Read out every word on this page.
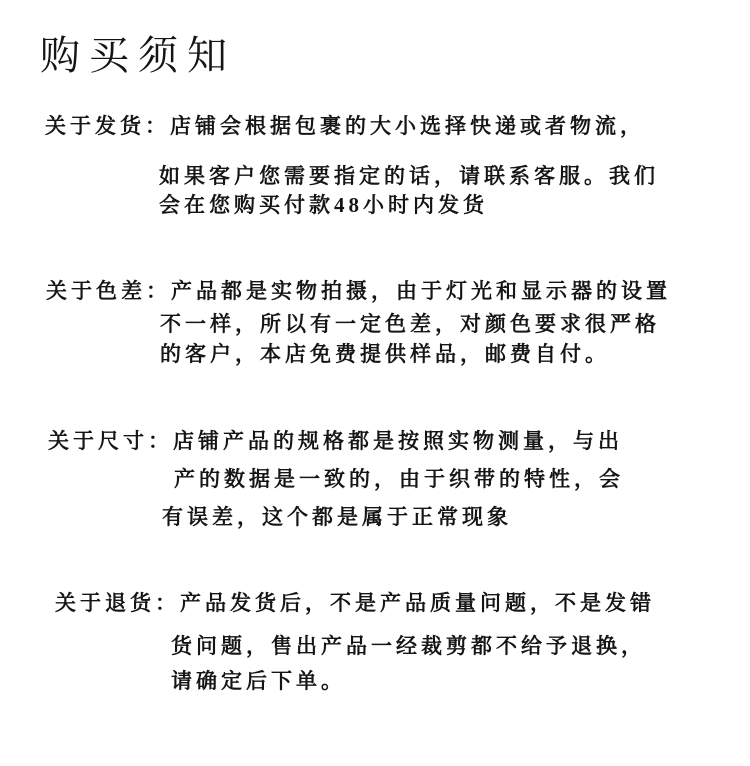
购买须知
关于发货： 店铺会根据包裹的大小选择快递或者物流，
如果客户您需要指定的话，请联系客服。我们
会在您购买付款48小时内发货
关于色差： 产品都是实物拍摄，由于灯光和显示器的设置
不一样，所以有一定色差，对颜色要求很严格
的客户，本店免费提供样品，邮费自付。
关于尺寸： 店铺产品的规格都是按照实物测量，与出
产的数据是一致的，由于织带的特性，会
有误差，这个都是属于正常现象
关于退货： 产品发货后，不是产品质量问题，不是发错
货问题，售出产品一经裁剪都不给予退换，
请确定后下单。
